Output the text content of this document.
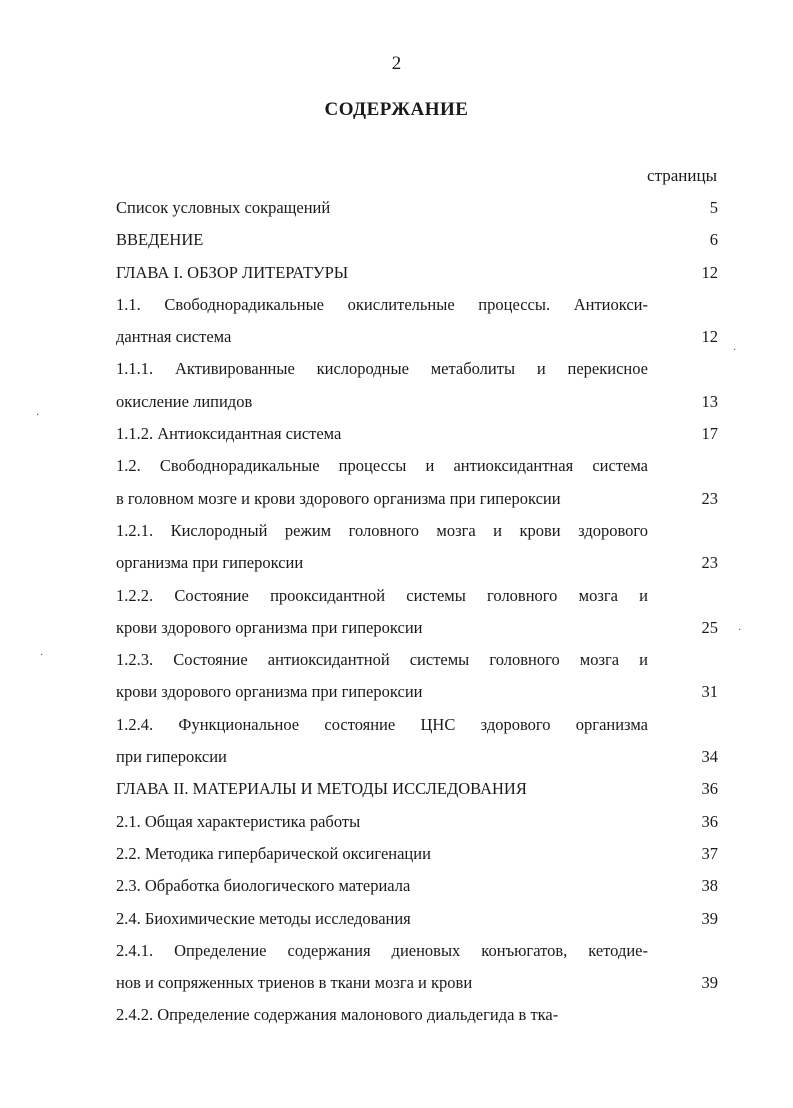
2
СОДЕРЖАНИЕ
страницы
Список условных сокращений	5
ВВЕДЕНИЕ	6
ГЛАВА I. ОБЗОР ЛИТЕРАТУРЫ	12
1.1. Свободнорадикальные окислительные процессы. Антиокси-
дантная система	12
1.1.1. Активированные кислородные метаболиты и перекисное
окисление липидов	13
1.1.2. Антиоксидантная система	17
1.2. Свободнорадикальные процессы и антиоксидантная система
в головном мозге и крови здорового организма при гипероксии	23
1.2.1. Кислородный режим головного мозга и крови здорового
организма при гипероксии	23
1.2.2. Состояние прооксидантной системы головного мозга и
крови здорового организма при гипероксии	25
1.2.3. Состояние антиоксидантной системы головного мозга и
крови здорового организма при гипероксии	31
1.2.4. Функциональное состояние ЦНС здорового организма
при гипероксии	34
ГЛАВА II. МАТЕРИАЛЫ И МЕТОДЫ ИССЛЕДОВАНИЯ	36
2.1. Общая характеристика работы	36
2.2. Методика гипербарической оксигенации	37
2.3. Обработка биологического материала	38
2.4. Биохимические методы исследования	39
2.4.1. Определение содержания диеновых конъюгатов, кетодие-
нов и сопряженных триенов в ткани мозга и крови	39
2.4.2. Определение содержания малонового диальдегида в тка-
·
·
·
·
